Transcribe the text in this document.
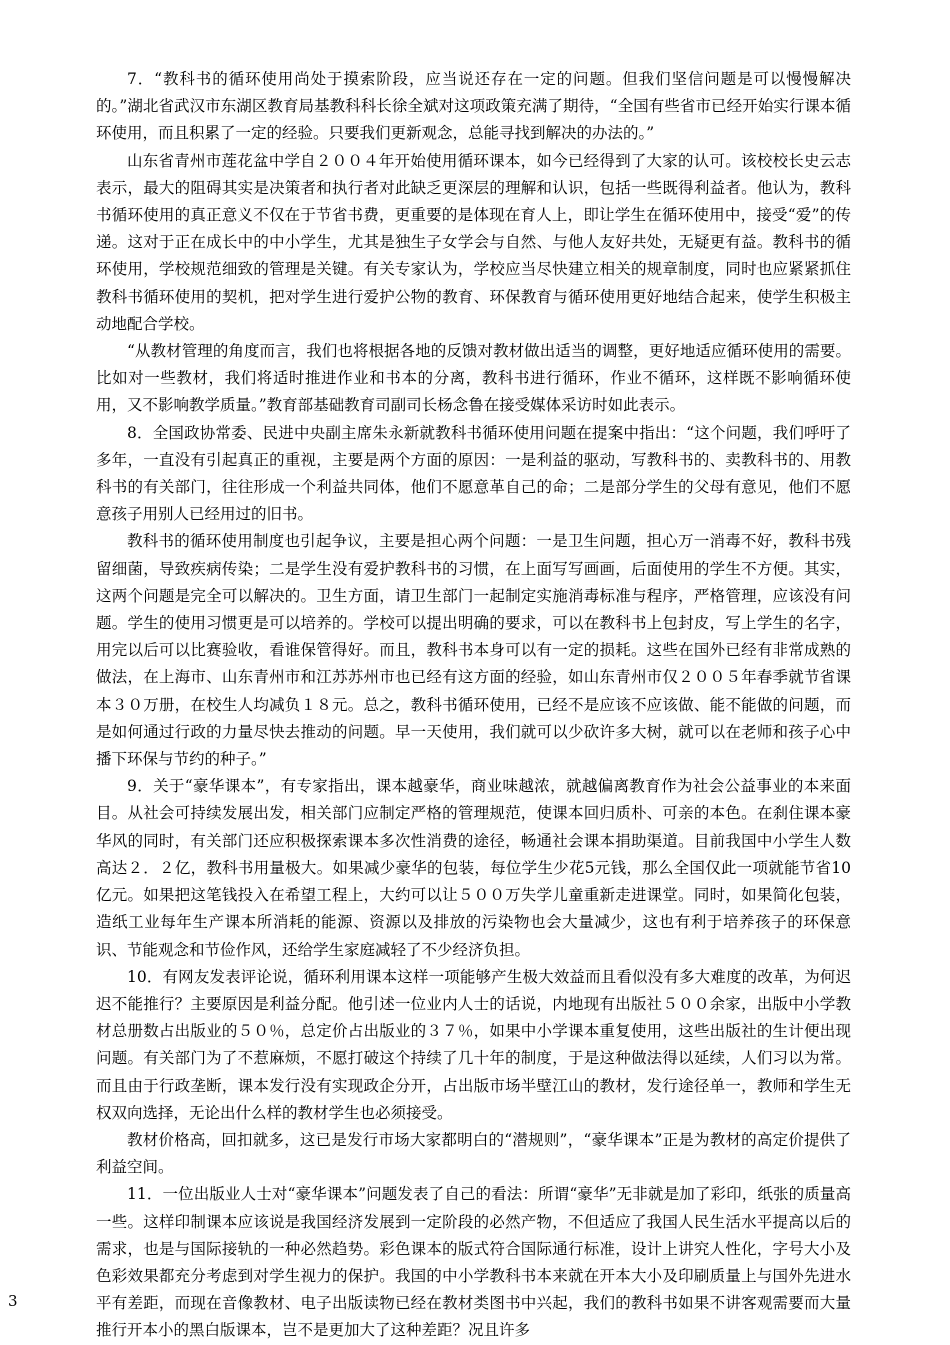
7．“教科书的循环使用尚处于摸索阶段，应当说还存在一定的问题。但我们坚信问题是可以慢慢解决的。”湖北省武汉市东湖区教育局基教科科长徐全斌对这项政策充满了期待，“全国有些省市已经开始实行课本循环使用，而且积累了一定的经验。只要我们更新观念，总能寻找到解决的办法的。”

山东省青州市莲花盆中学自２００４年开始使用循环课本，如今已经得到了大家的认可。该校校长史云志表示，最大的阻碍其实是决策者和执行者对此缺乏更深层的理解和认识，包括一些既得利益者。他认为，教科书循环使用的真正意义不仅在于节省书费，更重要的是体现在育人上，即让学生在循环使用中，接受“爱”的传递。这对于正在成长中的中小学生，尤其是独生子女学会与自然、与他人友好共处，无疑更有益。教科书的循环使用，学校规范细致的管理是关键。有关专家认为，学校应当尽快建立相关的规章制度，同时也应紧紧抓住教科书循环使用的契机，把对学生进行爱护公物的教育、环保教育与循环使用更好地结合起来，使学生积极主动地配合学校。

“从教材管理的角度而言，我们也将根据各地的反馈对教材做出适当的调整，更好地适应循环使用的需要。比如对一些教材，我们将适时推进作业和书本的分离，教科书进行循环，作业不循环，这样既不影响循环使用，又不影响教学质量。”教育部基础教育司副司长杨念鲁在接受媒体采访时如此表示。

8．全国政协常委、民进中央副主席朱永新就教科书循环使用问题在提案中指出：“这个问题，我们呼吁了多年，一直没有引起真正的重视，主要是两个方面的原因：一是利益的驱动，写教科书的、卖教科书的、用教科书的有关部门，往往形成一个利益共同体，他们不愿意革自己的命；二是部分学生的父母有意见，他们不愿意孩子用别人已经用过的旧书。

教科书的循环使用制度也引起争议，主要是担心两个问题：一是卫生问题，担心万一消毒不好，教科书残留细菌，导致疾病传染；二是学生没有爱护教科书的习惯，在上面写写画画，后面使用的学生不方便。其实，这两个问题是完全可以解决的。卫生方面，请卫生部门一起制定实施消毒标准与程序，严格管理，应该没有问题。学生的使用习惯更是可以培养的。学校可以提出明确的要求，可以在教科书上包封皮，写上学生的名字，用完以后可以比赛验收，看谁保管得好。而且，教科书本身可以有一定的损耗。这些在国外已经有非常成熟的做法，在上海市、山东青州市和江苏苏州市也已经有这方面的经验，如山东青州市仅２００５年春季就节省课本３０万册，在校生人均减负１８元。总之，教科书循环使用，已经不是应该不应该做、能不能做的问题，而是如何通过行政的力量尽快去推动的问题。早一天使用，我们就可以少砍许多大树，就可以在老师和孩子心中播下环保与节约的种子。”

9．关于“豪华课本”，有专家指出，课本越豪华，商业味越浓，就越偏离教育作为社会公益事业的本来面目。从社会可持续发展出发，相关部门应制定严格的管理规范，使课本回归质朴、可亲的本色。在刹住课本豪华风的同时，有关部门还应积极探索课本多次性消费的途径，畅通社会课本捐助渠道。目前我国中小学生人数高达２．２亿，教科书用量极大。如果减少豪华的包装，每位学生少花5元钱，那么全国仅此一项就能节省10亿元。如果把这笔钱投入在希望工程上，大约可以让５００万失学儿童重新走进课堂。同时，如果简化包装，造纸工业每年生产课本所消耗的能源、资源以及排放的污染物也会大量减少，这也有利于培养孩子的环保意识、节能观念和节俭作风，还给学生家庭减轻了不少经济负担。

10．有网友发表评论说，循环利用课本这样一项能够产生极大效益而且看似没有多大难度的改革，为何迟迟不能推行？主要原因是利益分配。他引述一位业内人士的话说，内地现有出版社５００余家，出版中小学教材总册数占出版业的５０％，总定价占出版业的３７％，如果中小学课本重复使用，这些出版社的生计便出现问题。有关部门为了不惹麻烦，不愿打破这个持续了几十年的制度，于是这种做法得以延续，人们习以为常。而且由于行政垄断，课本发行没有实现政企分开，占出版市场半壁江山的教材，发行途径单一，教师和学生无权双向选择，无论出什么样的教材学生也必须接受。

教材价格高，回扣就多，这已是发行市场大家都明白的“潜规则”，“豪华课本”正是为教材的高定价提供了利益空间。

11．一位出版业人士对“豪华课本”问题发表了自己的看法：所谓“豪华”无非就是加了彩印，纸张的质量高一些。这样印制课本应该说是我国经济发展到一定阶段的必然产物，不但适应了我国人民生活水平提高以后的需求，也是与国际接轨的一种必然趋势。彩色课本的版式符合国际通行标准，设计上讲究人性化，字号大小及色彩效果都充分考虑到对学生视力的保护。我国的中小学教科书本来就在开本大小及印刷质量上与国外先进水平有差距，而现在音像教材、电子出版读物已经在教材类图书中兴起，我们的教科书如果不讲客观需要而大量推行开本小的黑白版课本，岂不是更加大了这种差距？况且许多

3
